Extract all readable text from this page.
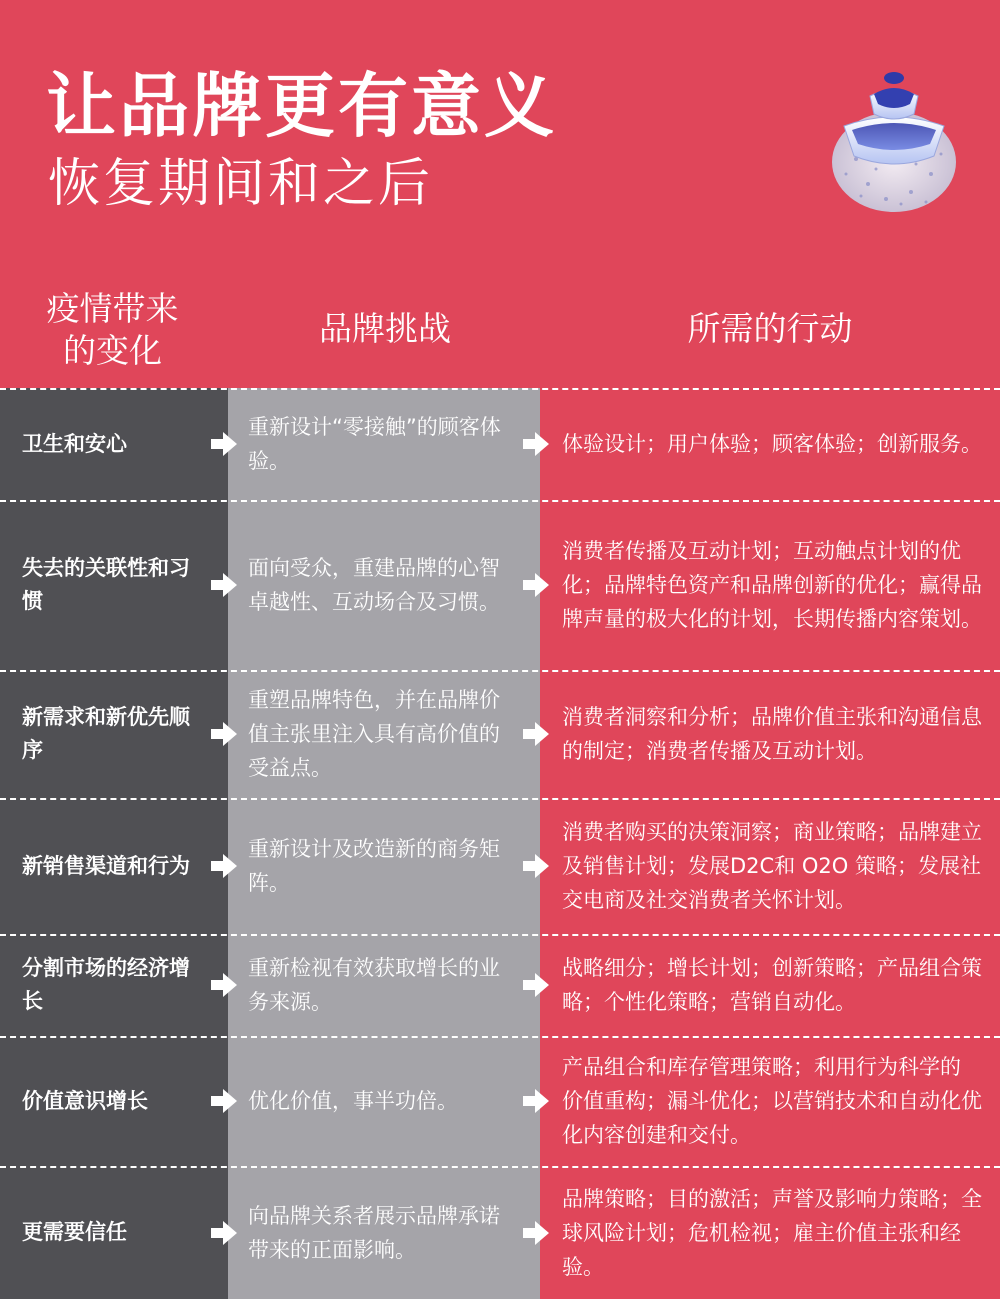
让品牌更有意义
恢复期间和之后
疫情带来
的变化
品牌挑战	所需的行动
卫生和安心
重新设计“零接触”的顾客体验。
体验设计；用户体验；顾客体验；创新服务。
失去的关联性和习惯
面向受众，重建品牌的心智卓越性、互动场合及习惯。
消费者传播及互动计划；互动触点计划的优化；品牌特色资产和品牌创新的优化；赢得品牌声量的极大化的计划，长期传播内容策划。
新需求和新优先顺序
重塑品牌特色，并在品牌价值主张里注入具有高价值的受益点。
消费者洞察和分析；品牌价值主张和沟通信息的制定；消费者传播及互动计划。
新销售渠道和行为
重新设计及改造新的商务矩阵。
消费者购买的决策洞察；商业策略；品牌建立及销售计划；发展D2C和 O2O 策略；发展社交电商及社交消费者关怀计划。
分割市场的经济增长
重新检视有效获取增长的业务来源。
战略细分；增长计划；创新策略；产品组合策略；个性化策略；营销自动化。
价值意识增长	优化价值，事半功倍。
产品组合和库存管理策略；利用行为科学的 价值重构；漏斗优化；以营销技术和自动化优化内容创建和交付。
更需要信任
向品牌关系者展示品牌承诺带来的正面影响。
品牌策略；目的激活；声誉及影响力策略；全球风险计划；危机检视；雇主价值主张和经验。
